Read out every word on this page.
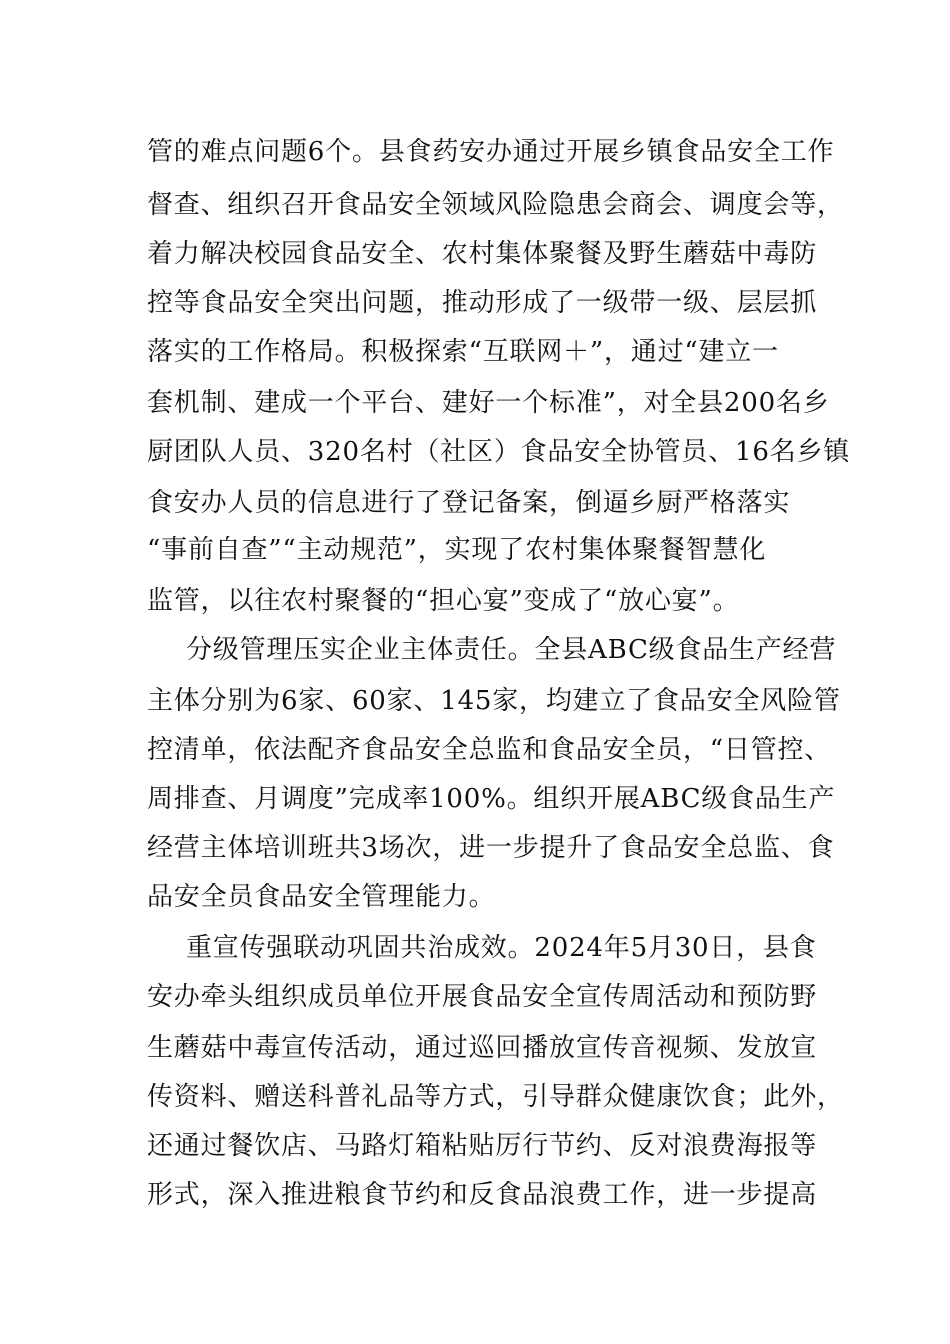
管的难点问题6个。县食药安办通过开展乡镇食品安全工作
督查、组织召开食品安全领域风险隐患会商会、调度会等，
着力解决校园食品安全、农村集体聚餐及野生蘑菇中毒防
控等食品安全突出问题，推动形成了一级带一级、层层抓
落实的工作格局。积极探索“互联网＋”，通过“建立一
套机制、建成一个平台、建好一个标准”，对全县200名乡
厨团队人员、320名村（社区）食品安全协管员、16名乡镇
食安办人员的信息进行了登记备案，倒逼乡厨严格落实
“事前自查”“主动规范”，实现了农村集体聚餐智慧化
监管，以往农村聚餐的“担心宴”变成了“放心宴”。
分级管理压实企业主体责任。全县ABC级食品生产经营
主体分别为6家、60家、145家，均建立了食品安全风险管
控清单，依法配齐食品安全总监和食品安全员，“日管控、
周排查、月调度”完成率100%。组织开展ABC级食品生产
经营主体培训班共3场次，进一步提升了食品安全总监、食
品安全员食品安全管理能力。
重宣传强联动巩固共治成效。2024年5月30日，县食
安办牵头组织成员单位开展食品安全宣传周活动和预防野
生蘑菇中毒宣传活动，通过巡回播放宣传音视频、发放宣
传资料、赠送科普礼品等方式，引导群众健康饮食；此外，
还通过餐饮店、马路灯箱粘贴厉行节约、反对浪费海报等
形式，深入推进粮食节约和反食品浪费工作，进一步提高
